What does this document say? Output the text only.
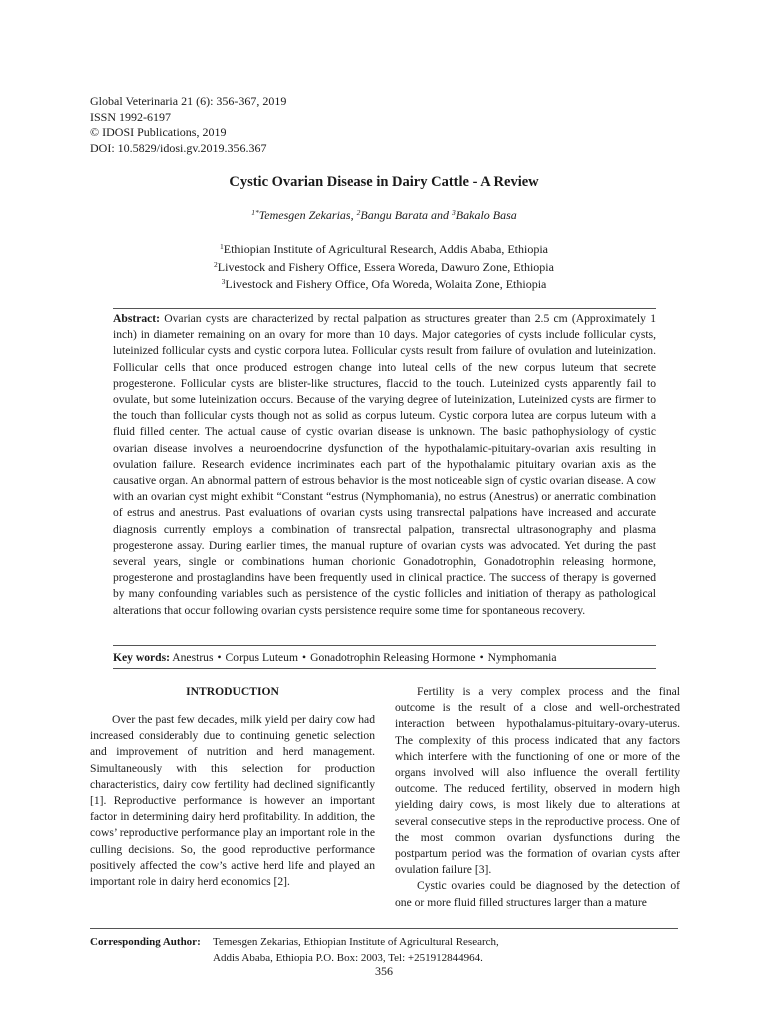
Global Veterinaria 21 (6): 356-367, 2019
ISSN 1992-6197
© IDOSI Publications, 2019
DOI: 10.5829/idosi.gv.2019.356.367
Cystic Ovarian Disease in Dairy Cattle - A Review
$^{1*}$Temesgen Zekarias, $^2$Bangu Barata and $^3$Bakalo Basa
$^1$Ethiopian Institute of Agricultural Research, Addis Ababa, Ethiopia
$^2$Livestock and Fishery Office, Essera Woreda, Dawuro Zone, Ethiopia
$^3$Livestock and Fishery Office, Ofa Woreda, Wolaita Zone, Ethiopia
Abstract: Ovarian cysts are characterized by rectal palpation as structures greater than 2.5 cm (Approximately 1 inch) in diameter remaining on an ovary for more than 10 days. Major categories of cysts include follicular cysts, luteinized follicular cysts and cystic corpora lutea. Follicular cysts result from failure of ovulation and luteinization. Follicular cells that once produced estrogen change into luteal cells of the new corpus luteum that secrete progesterone. Follicular cysts are blister-like structures, flaccid to the touch. Luteinized cysts apparently fail to ovulate, but some luteinization occurs. Because of the varying degree of luteinization, Luteinized cysts are firmer to the touch than follicular cysts though not as solid as corpus luteum. Cystic corpora lutea are corpus luteum with a fluid filled center. The actual cause of cystic ovarian disease is unknown. The basic pathophysiology of cystic ovarian disease involves a neuroendocrine dysfunction of the hypothalamic-pituitary-ovarian axis resulting in ovulation failure. Research evidence incriminates each part of the hypothalamic pituitary ovarian axis as the causative organ. An abnormal pattern of estrous behavior is the most noticeable sign of cystic ovarian disease. A cow with an ovarian cyst might exhibit “Constant “estrus (Nymphomania), no estrus (Anestrus) or anerratic combination of estrus and anestrus. Past evaluations of ovarian cysts using transrectal palpations have increased and accurate diagnosis currently employs a combination of transrectal palpation, transrectal ultrasonography and plasma progesterone assay. During earlier times, the manual rupture of ovarian cysts was advocated. Yet during the past several years, single or combinations human chorionic Gonadotrophin, Gonadotrophin releasing hormone, progesterone and prostaglandins have been frequently used in clinical practice. The success of therapy is governed by many confounding variables such as persistence of the cystic follicles and initiation of therapy as pathological alterations that occur following ovarian cysts persistence require some time for spontaneous recovery.
Key words: Anestrus • Corpus Luteum • Gonadotrophin Releasing Hormone • Nymphomania
INTRODUCTION

Over the past few decades, milk yield per dairy cow had increased considerably due to continuing genetic selection and improvement of nutrition and herd management. Simultaneously with this selection for production characteristics, dairy cow fertility had declined significantly [1]. Reproductive performance is however an important factor in determining dairy herd profitability. In addition, the cows’ reproductive performance play an important role in the culling decisions. So, the good reproductive performance positively affected the cow’s active herd life and played an important role in dairy herd economics [2].

Fertility is a very complex process and the final outcome is the result of a close and well-orchestrated interaction between hypothalamus-pituitary-ovary-uterus. The complexity of this process indicated that any factors which interfere with the functioning of one or more of the organs involved will also influence the overall fertility outcome. The reduced fertility, observed in modern high yielding dairy cows, is most likely due to alterations at several consecutive steps in the reproductive process. One of the most common ovarian dysfunctions during the postpartum period was the formation of ovarian cysts after ovulation failure [3].

Cystic ovaries could be diagnosed by the detection of one or more fluid filled structures larger than a mature

Corresponding Author: Temesgen Zekarias, Ethiopian Institute of Agricultural Research,
Addis Ababa, Ethiopia P.O. Box: 2003, Tel: +251912844964.
356
